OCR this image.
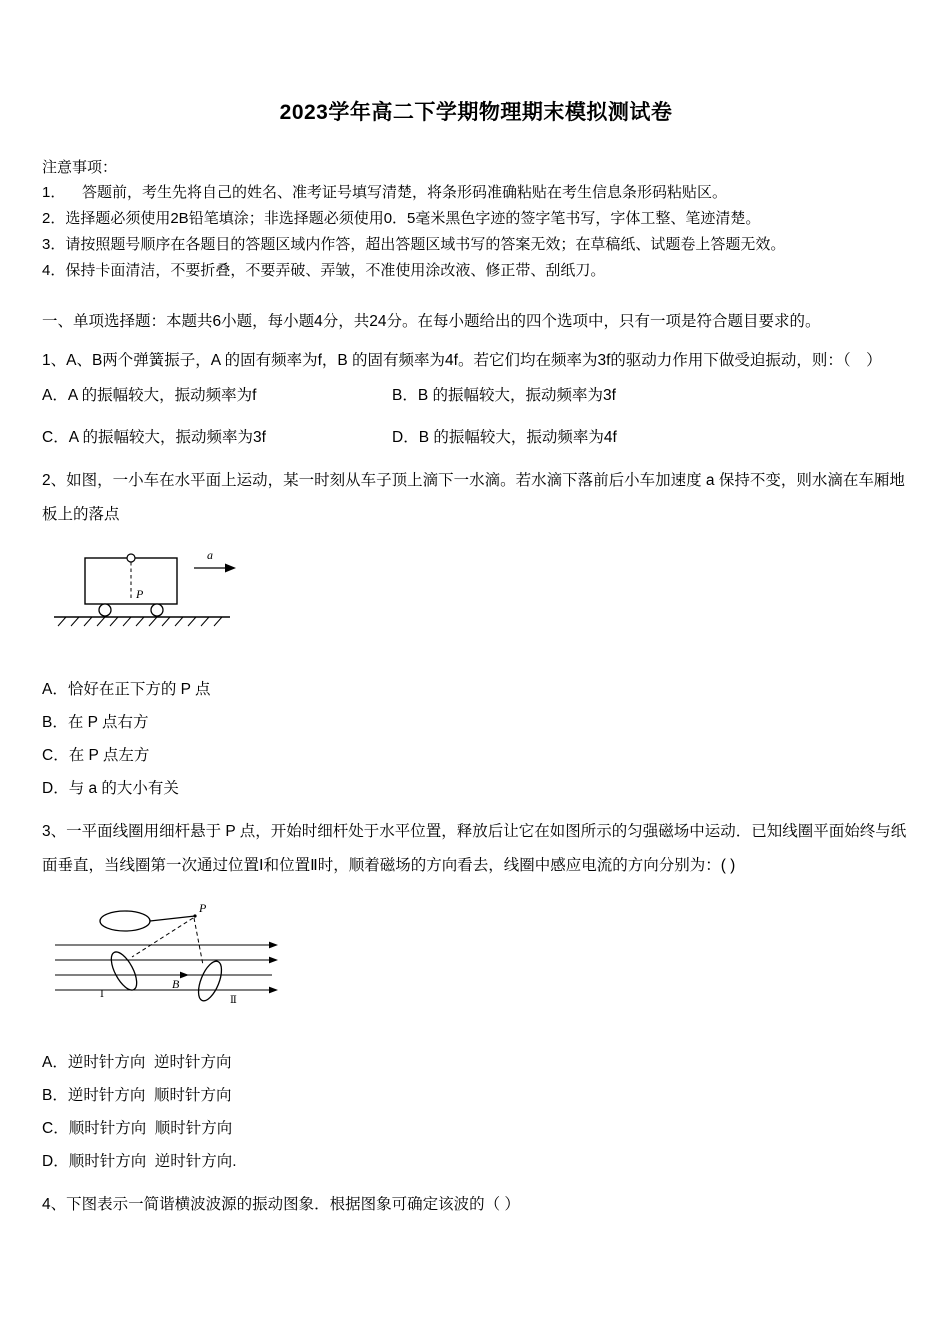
2023学年高二下学期物理期末模拟测试卷

注意事项：

1．    答题前，考生先将自己的姓名、准考证号填写清楚，将条形码准确粘贴在考生信息条形码粘贴区。

2．选择题必须使用2B铅笔填涂；非选择题必须使用0．5毫米黑色字迹的签字笔书写，字体工整、笔迹清楚。

3．请按照题号顺序在各题目的答题区域内作答，超出答题区域书写的答案无效；在草稿纸、试题卷上答题无效。

4．保持卡面清洁，不要折叠，不要弄破、弄皱，不准使用涂改液、修正带、刮纸刀。

一、单项选择题：本题共6小题，每小题4分，共24分。在每小题给出的四个选项中，只有一项是符合题目要求的。

1、A、B两个弹簧振子，A 的固有频率为f，B 的固有频率为4f。若它们均在频率为3f的驱动力作用下做受迫振动，则：（　）

A．A 的振幅较大，振动频率为f	B．B 的振幅较大，振动频率为3f

C．A 的振幅较大，振动频率为3f	D．B 的振幅较大，振动频率为4f

2、如图，一小车在水平面上运动，某一时刻从车子顶上滴下一水滴。若水滴下落前后小车加速度 a 保持不变，则水滴在车厢地板上的落点

P
a

A．恰好在正下方的 P 点

B．在 P 点右方

C．在 P 点左方

D．与 a 的大小有关

3、一平面线圈用细杆悬于 P 点，开始时细杆处于水平位置，释放后让它在如图所示的匀强磁场中运动．已知线圈平面始终与纸面垂直，当线圈第一次通过位置Ⅰ和位置Ⅱ时，顺着磁场的方向看去，线圈中感应电流的方向分别为：( )

P
B
Ⅰ
Ⅱ

A．逆时针方向  逆时针方向

B．逆时针方向  顺时针方向

C．顺时针方向  顺时针方向

D．顺时针方向  逆时针方向.

4、下图表示一简谐横波波源的振动图象．根据图象可确定该波的（ ）
